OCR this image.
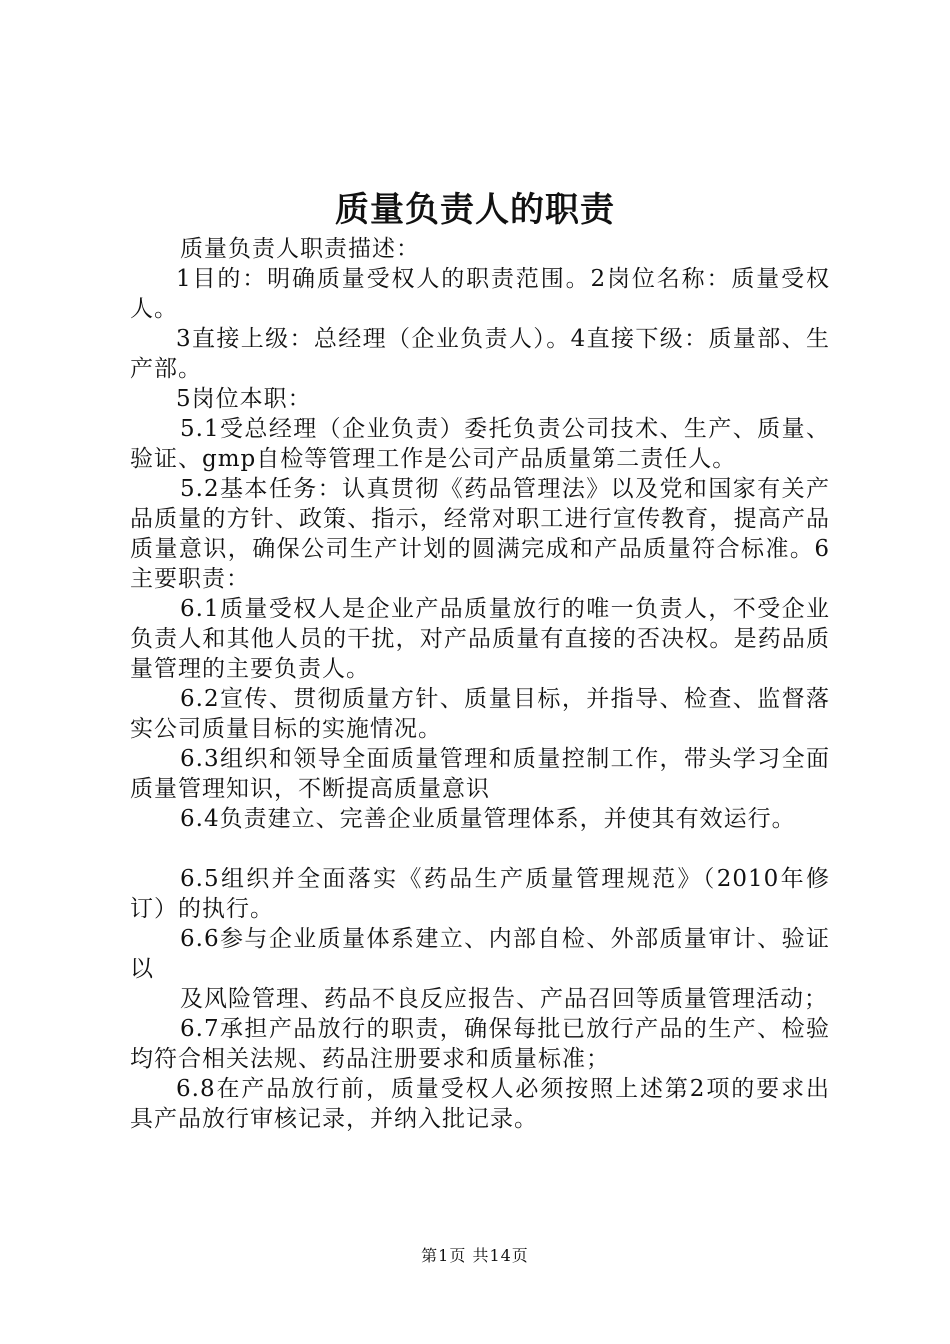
质量负责人的职责

质量负责人职责描述：

1目的：明确质量受权人的职责范围。2岗位名称：质量受权人。

3直接上级：总经理（企业负责人）。4直接下级：质量部、生产部。

5岗位本职：

5.1受总经理（企业负责）委托负责公司技术、生产、质量、验证、gmp自检等管理工作是公司产品质量第二责任人。

5.2基本任务：认真贯彻《药品管理法》以及党和国家有关产品质量的方针、政策、指示，经常对职工进行宣传教育，提高产品质量意识，确保公司生产计划的圆满完成和产品质量符合标准。6主要职责：

6.1质量受权人是企业产品质量放行的唯一负责人，不受企业负责人和其他人员的干扰，对产品质量有直接的否决权。是药品质量管理的主要负责人。

6.2宣传、贯彻质量方针、质量目标，并指导、检查、监督落实公司质量目标的实施情况。

6.3组织和领导全面质量管理和质量控制工作，带头学习全面质量管理知识，不断提高质量意识

6.4负责建立、完善企业质量管理体系，并使其有效运行。

6.5组织并全面落实《药品生产质量管理规范》（2010年修订）的执行。

6.6参与企业质量体系建立、内部自检、外部质量审计、验证以

及风险管理、药品不良反应报告、产品召回等质量管理活动；

6.7承担产品放行的职责，确保每批已放行产品的生产、检验均符合相关法规、药品注册要求和质量标准；

6.8在产品放行前，质量受权人必须按照上述第2项的要求出具产品放行审核记录，并纳入批记录。

第1页 共14页
